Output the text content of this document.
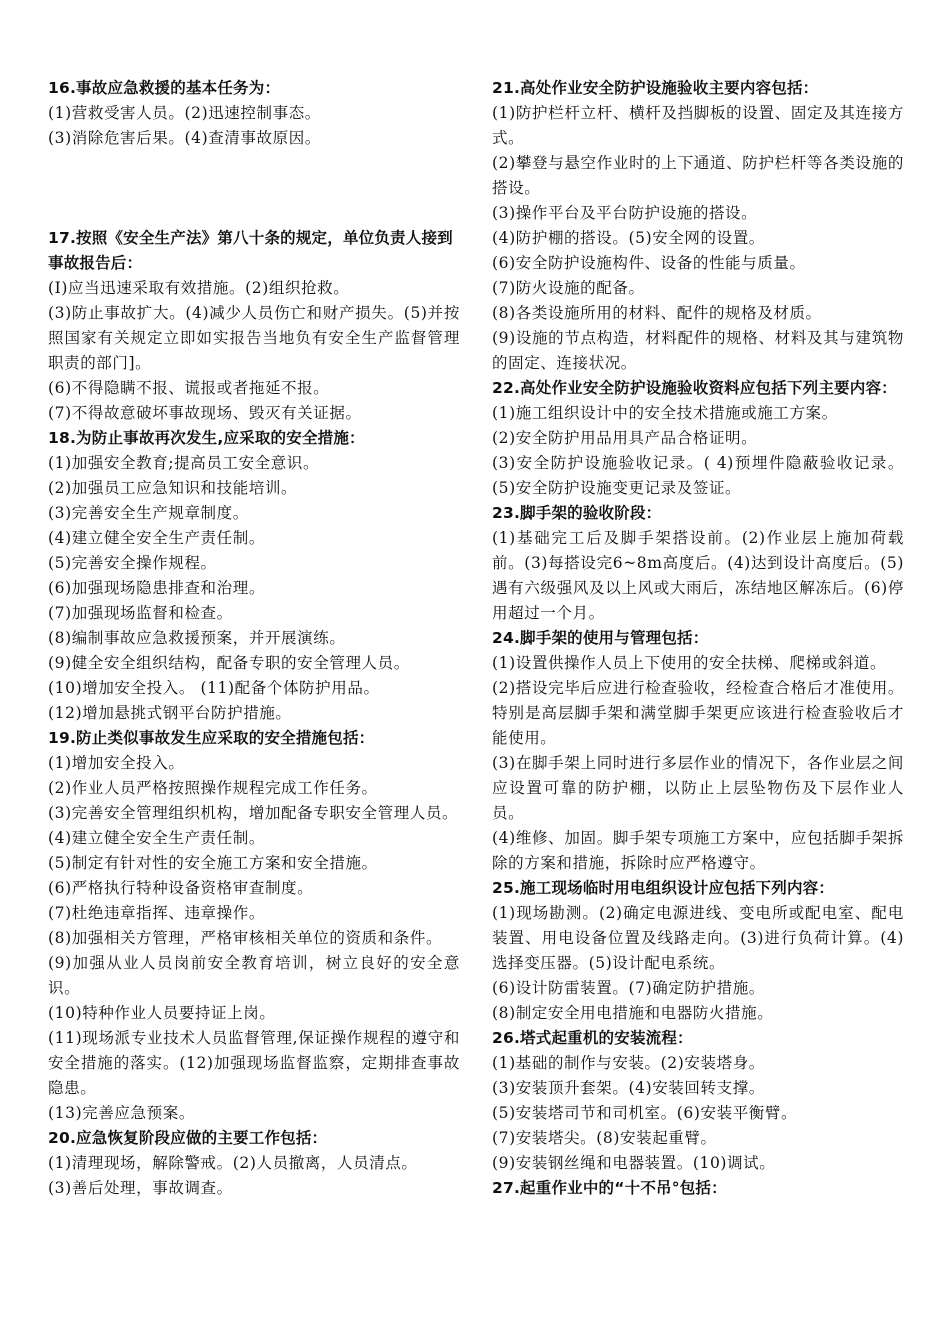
16.事故应急救援的基本任务为：

(1)营救受害人员。(2)迅速控制事态。

(3)消除危害后果。(4)查清事故原因。

17.按照《安全生产法》第八十条的规定，单位负责人接到事故报告后：

(I)应当迅速采取有效措施。(2)组织抢救。

(3)防止事故扩大。(4)减少人员伤亡和财产损失。(5)并按照国家有关规定立即如实报告当地负有安全生产监督管理职责的部门]。

(6)不得隐瞒不报、谎报或者拖延不报。

(7)不得故意破坏事故现场、毁灭有关证据。

18.为防止事故再次发生,应采取的安全措施：

(1)加强安全教育;提高员工安全意识。

(2)加强员工应急知识和技能培训。

(3)完善安全生产规章制度。

(4)建立健全安全生产责任制。

(5)完善安全操作规程。

(6)加强现场隐患排查和治理。

(7)加强现场监督和检查。

(8)编制事故应急救援预案，并开展演练。

(9)健全安全组织结构，配备专职的安全管理人员。

(10)增加安全投入。 (11)配备个体防护用品。

(12)增加悬挑式钢平台防护措施。

19.防止类似事故发生应采取的安全措施包括：

(1)增加安全投入。

(2)作业人员严格按照操作规程完成工作任务。

(3)完善安全管理组织机构，增加配备专职安全管理人员。

(4)建立健全安全生产责任制。

(5)制定有针对性的安全施工方案和安全措施。

(6)严格执行特种设备资格审查制度。

(7)杜绝违章指挥、违章操作。

(8)加强相关方管理，严格审核相关单位的资质和条件。

(9)加强从业人员岗前安全教育培训，树立良好的安全意识。

(10)特种作业人员要持证上岗。

(11)现场派专业技术人员监督管理,保证操作规程的遵守和安全措施的落实。(12)加强现场监督监察，定期排查事故隐患。

(13)完善应急预案。

20.应急恢复阶段应做的主要工作包括：

(1)清理现场，解除警戒。(2)人员撤离，人员清点。

(3)善后处理，事故调查。

21.高处作业安全防护设施验收主要内容包括：

(1)防护栏杆立杆、横杆及挡脚板的设置、固定及其连接方式。

(2)攀登与悬空作业时的上下通道、防护栏杆等各类设施的搭设。

(3)操作平台及平台防护设施的搭设。

(4)防护棚的搭设。(5)安全网的设置。

(6)安全防护设施构件、设备的性能与质量。

(7)防火设施的配备。

(8)各类设施所用的材料、配件的规格及材质。

(9)设施的节点构造，材料配件的规格、材料及其与建筑物的固定、连接状况。

22.高处作业安全防护设施验收资料应包括下列主要内容：

(1)施工组织设计中的安全技术措施或施工方案。

(2)安全防护用品用具产品合格证明。

(3)安全防护设施验收记录。( 4)预埋件隐蔽验收记录。(5)安全防护设施变更记录及签证。

23.脚手架的验收阶段：

(1)基础完工后及脚手架搭设前。(2)作业层上施加荷载前。(3)每搭设完6~8m高度后。(4)达到设计高度后。(5)遇有六级强风及以上风或大雨后，冻结地区解冻后。(6)停用超过一个月。

24.脚手架的使用与管理包括：

(1)设置供操作人员上下使用的安全扶梯、爬梯或斜道。

(2)搭设完毕后应进行检查验收，经检查合格后才准使用。特别是高层脚手架和满堂脚手架更应该进行检查验收后才能使用。

(3)在脚手架上同时进行多层作业的情况下，各作业层之间应设置可靠的防护棚，以防止上层坠物伤及下层作业人员。

(4)维修、加固。脚手架专项施工方案中，应包括脚手架拆除的方案和措施，拆除时应严格遵守。

25.施工现场临时用电组织设计应包括下列内容：

(1)现场勘测。(2)确定电源进线、变电所或配电室、配电装置、用电设备位置及线路走向。(3)进行负荷计算。(4)选择变压器。(5)设计配电系统。

(6)设计防雷装置。(7)确定防护措施。

(8)制定安全用电措施和电器防火措施。

26.塔式起重机的安装流程：

(1)基础的制作与安装。(2)安装塔身。

(3)安装顶升套架。(4)安装回转支撑。

(5)安装塔司节和司机室。(6)安装平衡臂。

(7)安装塔尖。(8)安装起重臂。

(9)安装钢丝绳和电器装置。(10)调试。

27.起重作业中的“十不吊°包括：
